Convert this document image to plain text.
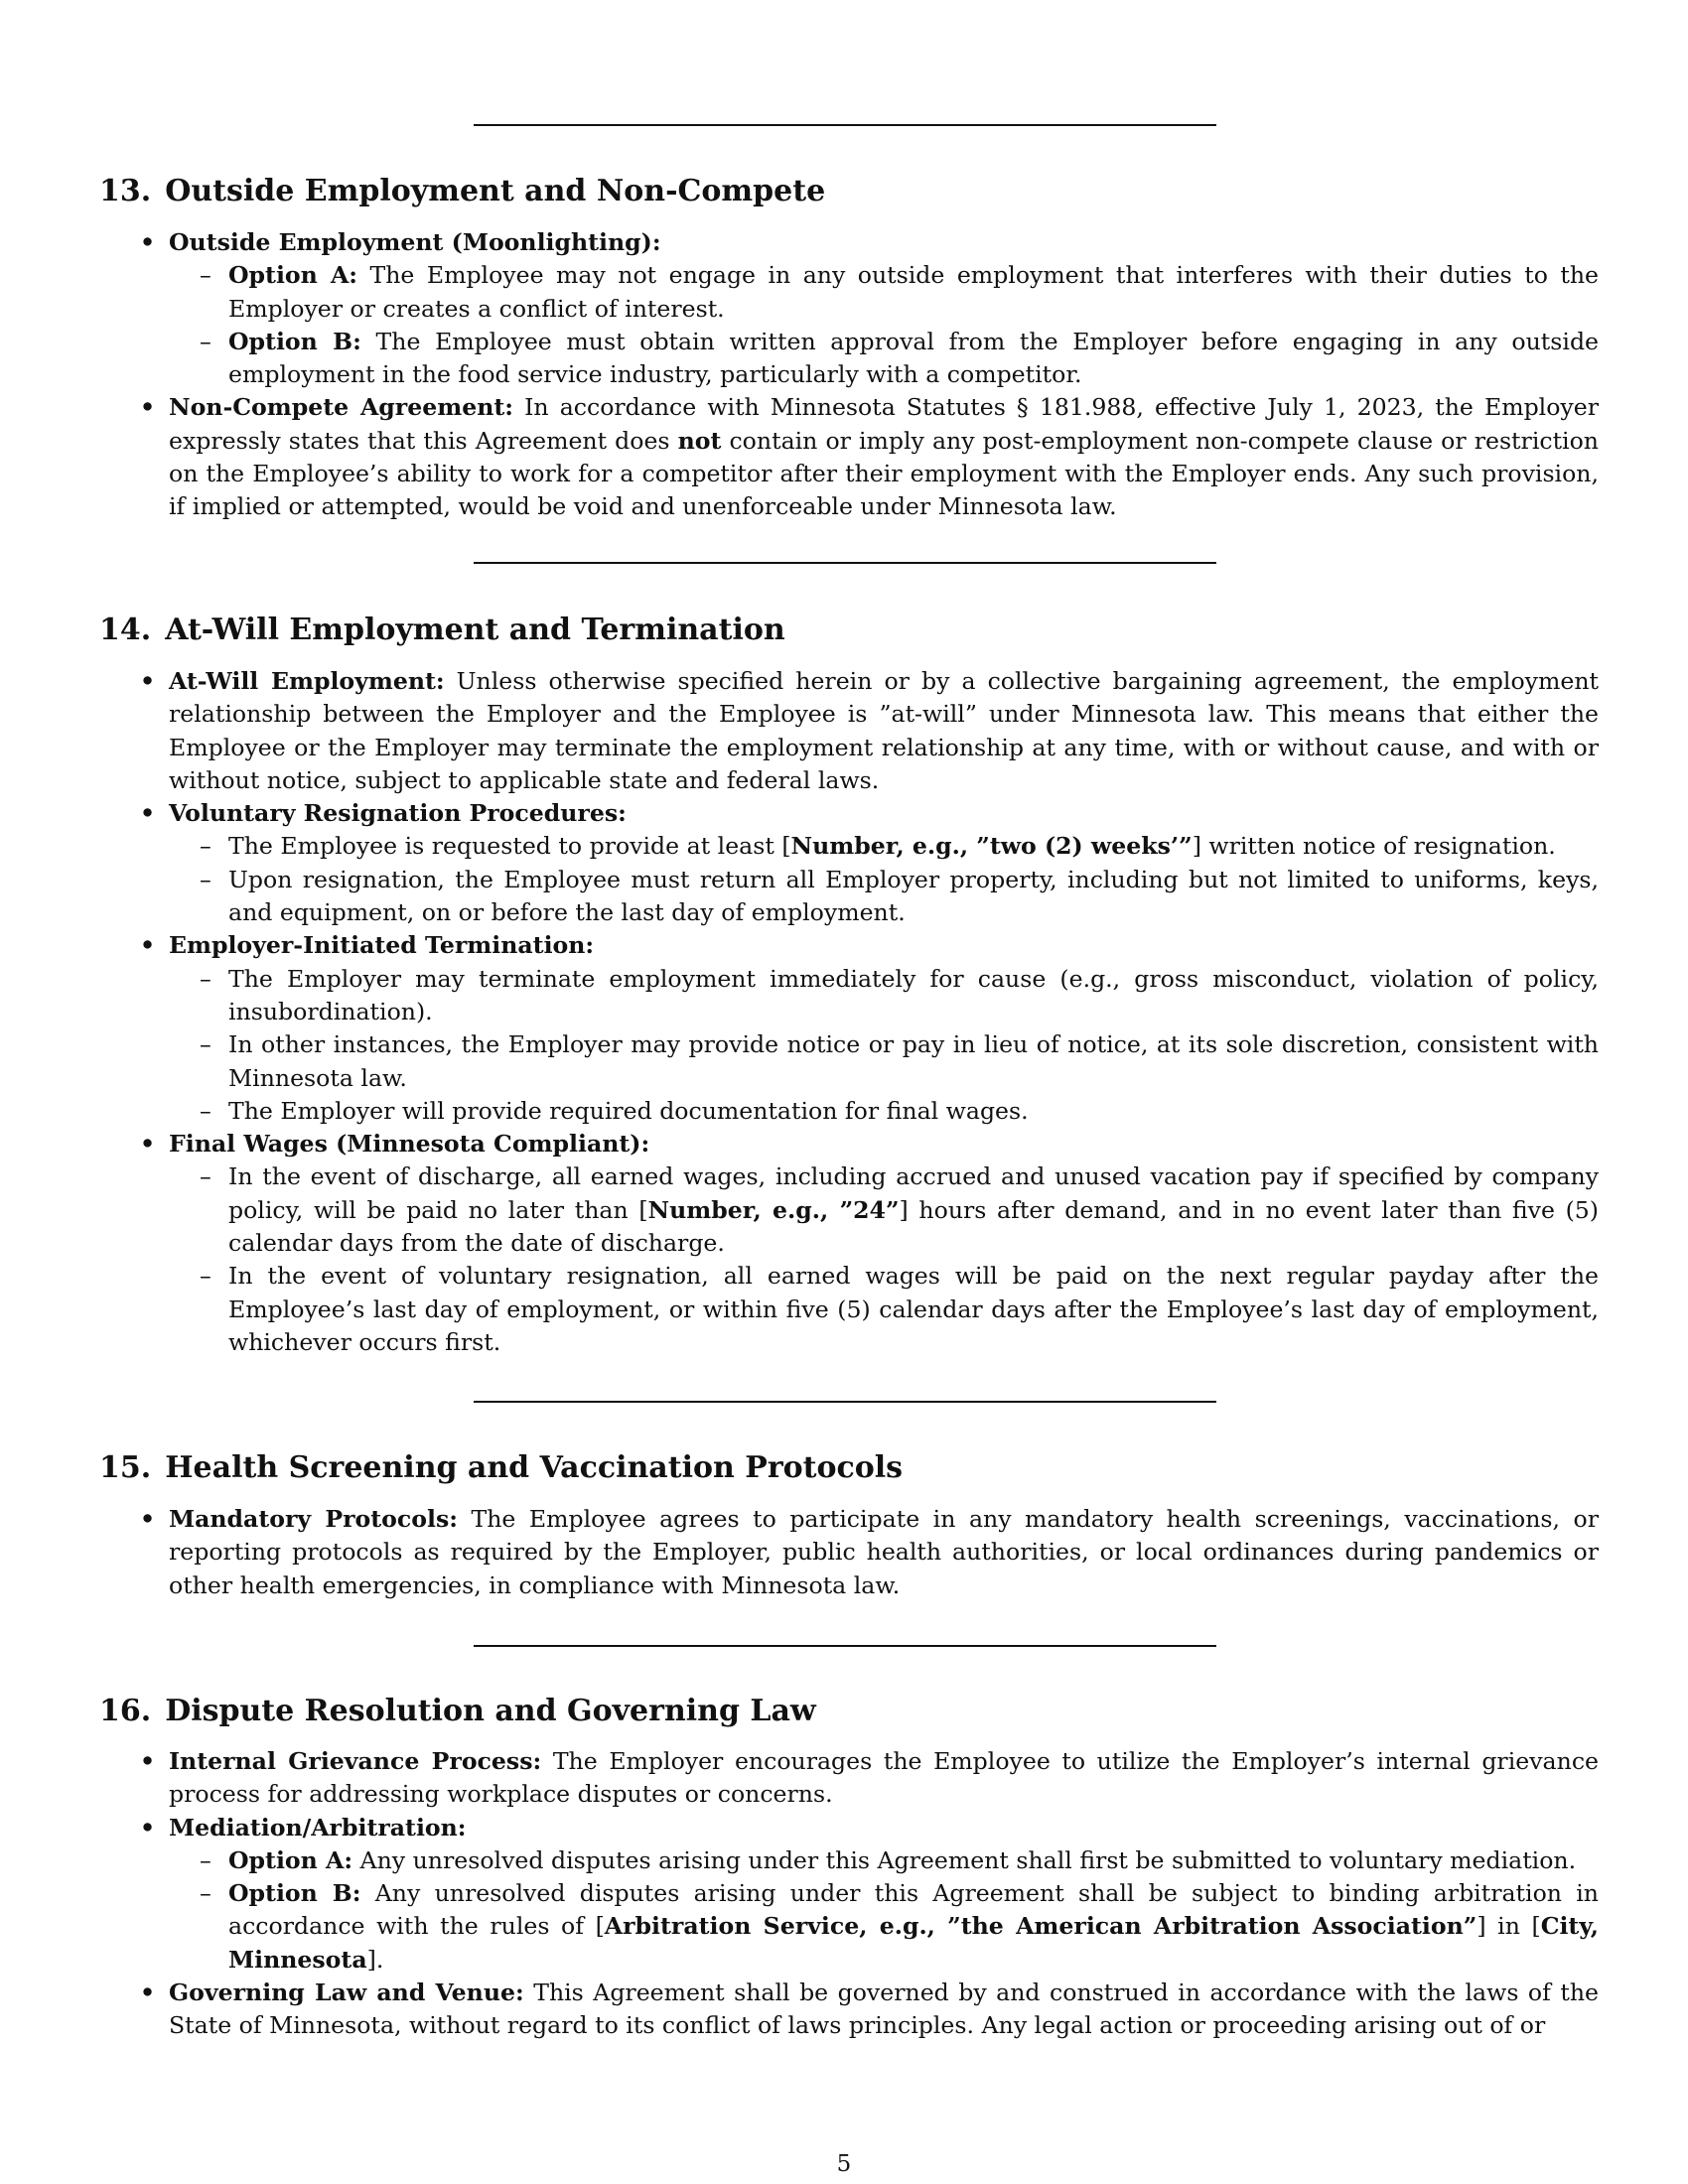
13. Outside Employment and Non-Compete
• Outside Employment (Moonlighting):
– Option A: The Employee may not engage in any outside employment that interferes with their duties to the Employer or creates a conflict of interest.
– Option B: The Employee must obtain written approval from the Employer before engaging in any outside employment in the food service industry, particularly with a competitor.
• Non-Compete Agreement: In accordance with Minnesota Statutes § 181.988, effective July 1, 2023, the Employer expressly states that this Agreement does not contain or imply any post-employment non-compete clause or restriction on the Employee’s ability to work for a competitor after their employment with the Employer ends. Any such provision, if implied or attempted, would be void and unenforceable under Minnesota law.
14. At-Will Employment and Termination
• At-Will Employment: Unless otherwise specified herein or by a collective bargaining agreement, the employment relationship between the Employer and the Employee is ”at-will” under Minnesota law. This means that either the Employee or the Employer may terminate the employment relationship at any time, with or without cause, and with or without notice, subject to applicable state and federal laws.
• Voluntary Resignation Procedures:
– The Employee is requested to provide at least [Number, e.g., ”two (2) weeks’”] written notice of resignation.
– Upon resignation, the Employee must return all Employer property, including but not limited to uniforms, keys, and equipment, on or before the last day of employment.
• Employer-Initiated Termination:
– The Employer may terminate employment immediately for cause (e.g., gross misconduct, violation of policy, insubordination).
– In other instances, the Employer may provide notice or pay in lieu of notice, at its sole discretion, consistent with Minnesota law.
– The Employer will provide required documentation for final wages.
• Final Wages (Minnesota Compliant):
– In the event of discharge, all earned wages, including accrued and unused vacation pay if specified by company policy, will be paid no later than [Number, e.g., ”24”] hours after demand, and in no event later than five (5) calendar days from the date of discharge.
– In the event of voluntary resignation, all earned wages will be paid on the next regular payday after the Employee’s last day of employment, or within five (5) calendar days after the Employee’s last day of employment, whichever occurs first.
15. Health Screening and Vaccination Protocols
• Mandatory Protocols: The Employee agrees to participate in any mandatory health screenings, vaccinations, or reporting protocols as required by the Employer, public health authorities, or local ordinances during pandemics or other health emergencies, in compliance with Minnesota law.
16. Dispute Resolution and Governing Law
• Internal Grievance Process: The Employer encourages the Employee to utilize the Employer’s internal grievance process for addressing workplace disputes or concerns.
• Mediation/Arbitration:
– Option A: Any unresolved disputes arising under this Agreement shall first be submitted to voluntary mediation.
– Option B: Any unresolved disputes arising under this Agreement shall be subject to binding arbitration in accordance with the rules of [Arbitration Service, e.g., ”the American Arbitration Association”] in [City, Minnesota].
• Governing Law and Venue: This Agreement shall be governed by and construed in accordance with the laws of the State of Minnesota, without regard to its conflict of laws principles. Any legal action or proceeding arising out of or
5
